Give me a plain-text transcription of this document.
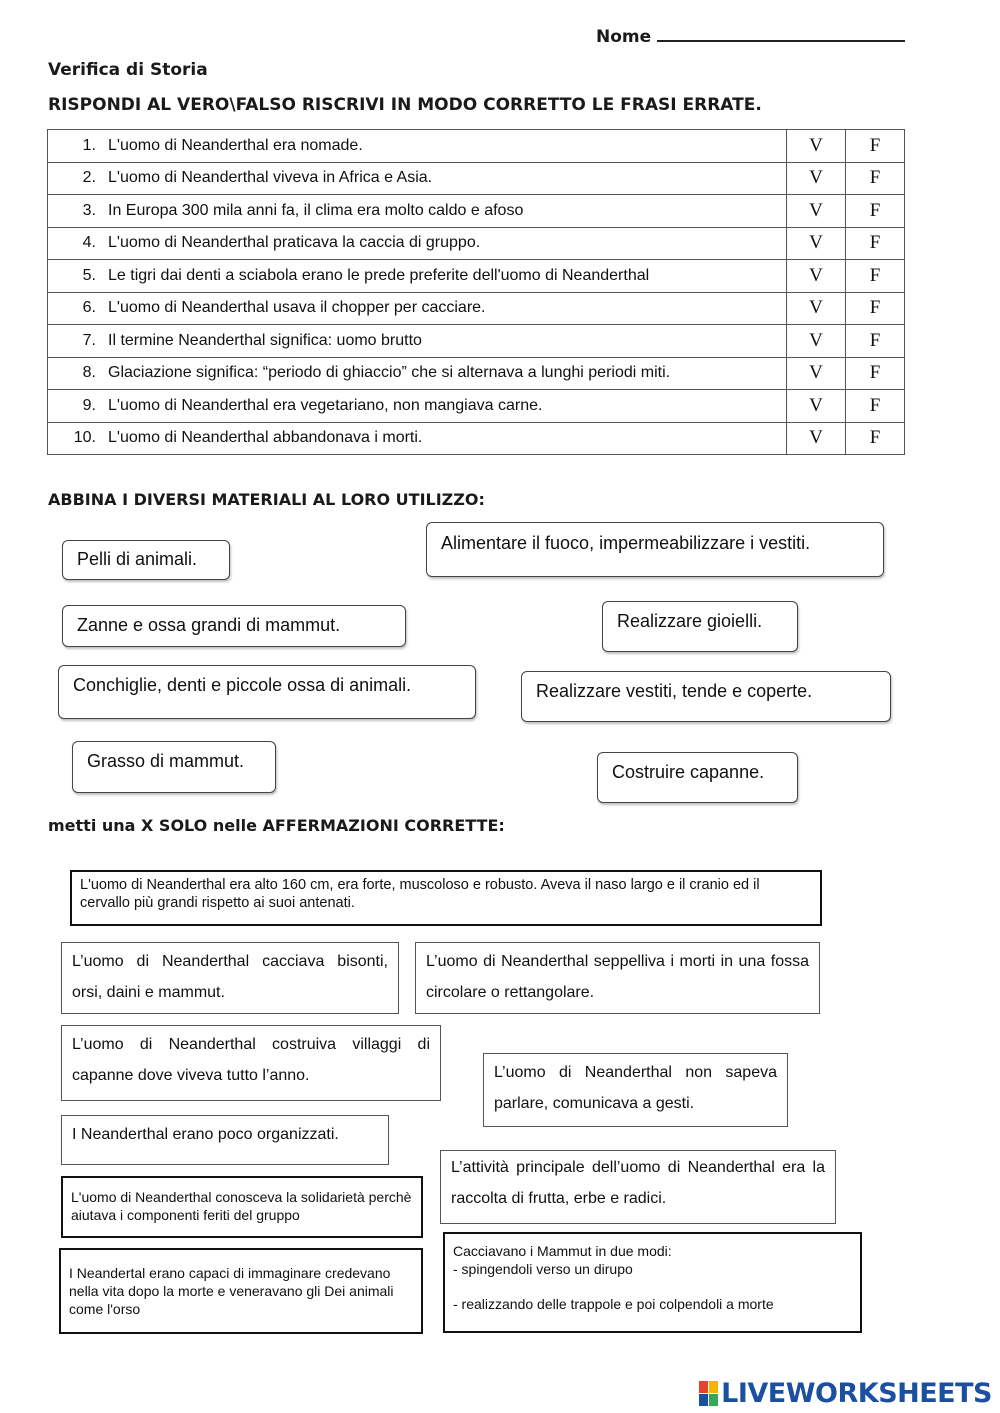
Nome
Verifica di Storia
RISPONDI AL VERO\FALSO RISCRIVI IN MODO CORRETTO LE FRASI ERRATE.
1.	L'uomo di Neanderthal era nomade.	V	F
2.	L'uomo di Neanderthal viveva in Africa e Asia.	V	F
3.	In Europa 300 mila anni fa, il clima era molto caldo e afoso	V	F
4.	L'uomo di Neanderthal praticava la caccia di gruppo.	V	F
5.	Le tigri dai denti a sciabola erano le prede preferite dell'uomo di Neanderthal	V	F
6.	L'uomo di Neanderthal usava il chopper per cacciare.	V	F
7.	Il termine Neanderthal significa: uomo brutto	V	F
8.	Glaciazione significa: “periodo di ghiaccio” che si alternava a lunghi periodi miti.	V	F
9.	L'uomo di Neanderthal era vegetariano, non mangiava carne.	V	F
10.	L'uomo di Neanderthal abbandonava i morti.	V	F
ABBINA I DIVERSI MATERIALI AL LORO UTILIZZO:
Pelli di animali.
Zanne e ossa grandi di mammut.
Conchiglie, denti e piccole ossa di animali.
Grasso di mammut.
Alimentare il fuoco, impermeabilizzare i vestiti.
Realizzare gioielli.
Realizzare vestiti, tende e coperte.
Costruire capanne.
metti una X SOLO nelle AFFERMAZIONI CORRETTE:
L'uomo di Neanderthal era alto 160 cm, era forte, muscoloso e robusto. Aveva il naso largo e il cranio ed il cervallo più grandi rispetto ai suoi antenati.
L’uomo di Neanderthal cacciava bisonti, orsi, daini e mammut.
L’uomo di Neanderthal seppelliva i morti in una fossa circolare o rettangolare.
L’uomo di Neanderthal costruiva villaggi di capanne dove viveva tutto l’anno.	L’uomo di Neanderthal non sapeva parlare, comunicava a gesti.
I Neanderthal erano poco organizzati.
L’attività principale dell’uomo di Neanderthal era la raccolta di frutta, erbe e radici.
L'uomo di Neanderthal conosceva la solidarietà perchè aiutava i componenti feriti del gruppo
I Neandertal erano capaci di immaginare credevano nella vita dopo la morte e veneravano gli Dei animali come l'orso
Cacciavano i Mammut in due modi:
- spingendoli verso un dirupo
- realizzando delle trappole e poi colpendoli a morte
LIVEWORKSHEETS
